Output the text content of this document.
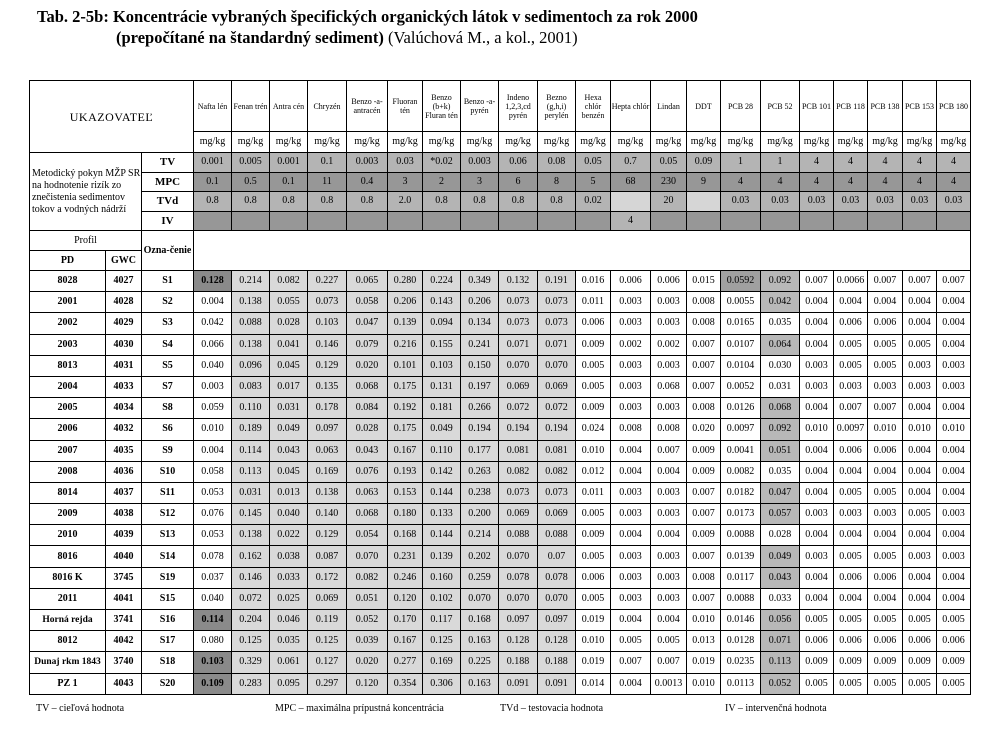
Tab. 2-5b: Koncentrácie vybraných špecifických organických látok v sedimentoch za rok 2000
(prepočítané na štandardný sediment) (Valúchová M., a kol., 2001)
UKAZOVATEĽ			Nafta lén	Fenan trén	Antra cén	Chryzén	Benzo -a- antracén	Fluoran tén	Benzo (b+k) Fluran tén	Benzo -a- pyrén	Indeno 1,2,3,cd pyrén	Bezno (g,h,i) perylén	Hexa chlór benzén	Hepta chlór	Lindan	DDT	PCB 28	PCB 52	PCB 101	PCB 118	PCB 138	PCB 153	PCB 180
			mg/kg	mg/kg	mg/kg	mg/kg	mg/kg	mg/kg	mg/kg	mg/kg	mg/kg	mg/kg	mg/kg	mg/kg	mg/kg	mg/kg	mg/kg	mg/kg	mg/kg	mg/kg	mg/kg	mg/kg	mg/kg
Metodický pokyn MŽP SR na hodnotenie rizík zo znečistenia sedimentov tokov a vodných nádrží		TV	0.001	0.005	0.001	0.1	0.003	0.03	*0.02	0.003	0.06	0.08	0.05	0.7	0.05	0.09	1	1	4	4	4	4	4
		MPC	0.1	0.5	0.1	11	0.4	3	2	3	6	8	5	68	230	9	4	4	4	4	4	4	4
		TVd	0.8	0.8	0.8	0.8	0.8	2.0	0.8	0.8	0.8	0.8	0.02		20		0.03	0.03	0.03	0.03	0.03	0.03	0.03
		IV												4									
Profil		Ozna-čenie																					
PD	GWC																						
8028	4027	S1	0.128	0.214	0.082	0.227	0.065	0.280	0.224	0.349	0.132	0.191	0.016	0.006	0.006	0.015	0.0592	0.092	0.007	0.0066	0.007	0.007	0.007
2001	4028	S2	0.004	0.138	0.055	0.073	0.058	0.206	0.143	0.206	0.073	0.073	0.011	0.003	0.003	0.008	0.0055	0.042	0.004	0.004	0.004	0.004	0.004
2002	4029	S3	0.042	0.088	0.028	0.103	0.047	0.139	0.094	0.134	0.073	0.073	0.006	0.003	0.003	0.008	0.0165	0.035	0.004	0.006	0.006	0.004	0.004
2003	4030	S4	0.066	0.138	0.041	0.146	0.079	0.216	0.155	0.241	0.071	0.071	0.009	0.002	0.002	0.007	0.0107	0.064	0.004	0.005	0.005	0.005	0.004
8013	4031	S5	0.040	0.096	0.045	0.129	0.020	0.101	0.103	0.150	0.070	0.070	0.005	0.003	0.003	0.007	0.0104	0.030	0.003	0.005	0.005	0.003	0.003
2004	4033	S7	0.003	0.083	0.017	0.135	0.068	0.175	0.131	0.197	0.069	0.069	0.005	0.003	0.068	0.007	0.0052	0.031	0.003	0.003	0.003	0.003	0.003
2005	4034	S8	0.059	0.110	0.031	0.178	0.084	0.192	0.181	0.266	0.072	0.072	0.009	0.003	0.003	0.008	0.0126	0.068	0.004	0.007	0.007	0.004	0.004
2006	4032	S6	0.010	0.189	0.049	0.097	0.028	0.175	0.049	0.194	0.194	0.194	0.024	0.008	0.008	0.020	0.0097	0.092	0.010	0.0097	0.010	0.010	0.010
2007	4035	S9	0.004	0.114	0.043	0.063	0.043	0.167	0.110	0.177	0.081	0.081	0.010	0.004	0.007	0.009	0.0041	0.051	0.004	0.006	0.006	0.004	0.004
2008	4036	S10	0.058	0.113	0.045	0.169	0.076	0.193	0.142	0.263	0.082	0.082	0.012	0.004	0.004	0.009	0.0082	0.035	0.004	0.004	0.004	0.004	0.004
8014	4037	S11	0.053	0.031	0.013	0.138	0.063	0.153	0.144	0.238	0.073	0.073	0.011	0.003	0.003	0.007	0.0182	0.047	0.004	0.005	0.005	0.004	0.004
2009	4038	S12	0.076	0.145	0.040	0.140	0.068	0.180	0.133	0.200	0.069	0.069	0.005	0.003	0.003	0.007	0.0173	0.057	0.003	0.003	0.003	0.005	0.003
2010	4039	S13	0.053	0.138	0.022	0.129	0.054	0.168	0.144	0.214	0.088	0.088	0.009	0.004	0.004	0.009	0.0088	0.028	0.004	0.004	0.004	0.004	0.004
8016	4040	S14	0.078	0.162	0.038	0.087	0.070	0.231	0.139	0.202	0.070	0.07	0.005	0.003	0.003	0.007	0.0139	0.049	0.003	0.005	0.005	0.003	0.003
8016 K	3745	S19	0.037	0.146	0.033	0.172	0.082	0.246	0.160	0.259	0.078	0.078	0.006	0.003	0.003	0.008	0.0117	0.043	0.004	0.006	0.006	0.004	0.004
2011	4041	S15	0.040	0.072	0.025	0.069	0.051	0.120	0.102	0.070	0.070	0.070	0.005	0.003	0.003	0.007	0.0088	0.033	0.004	0.004	0.004	0.004	0.004
Horná rejda	3741	S16	0.114	0.204	0.046	0.119	0.052	0.170	0.117	0.168	0.097	0.097	0.019	0.004	0.004	0.010	0.0146	0.056	0.005	0.005	0.005	0.005	0.005
8012	4042	S17	0.080	0.125	0.035	0.125	0.039	0.167	0.125	0.163	0.128	0.128	0.010	0.005	0.005	0.013	0.0128	0.071	0.006	0.006	0.006	0.006	0.006
Dunaj rkm 1843	3740	S18	0.103	0.329	0.061	0.127	0.020	0.277	0.169	0.225	0.188	0.188	0.019	0.007	0.007	0.019	0.0235	0.113	0.009	0.009	0.009	0.009	0.009
PZ 1	4043	S20	0.109	0.283	0.095	0.297	0.120	0.354	0.306	0.163	0.091	0.091	0.014	0.004	0.0013	0.010	0.0113	0.052	0.005	0.005	0.005	0.005	0.005
TV – cieľová hodnota	MPC – maximálna prípustná koncentrácia	TVd – testovacia hodnota	IV – intervenčná hodnota
